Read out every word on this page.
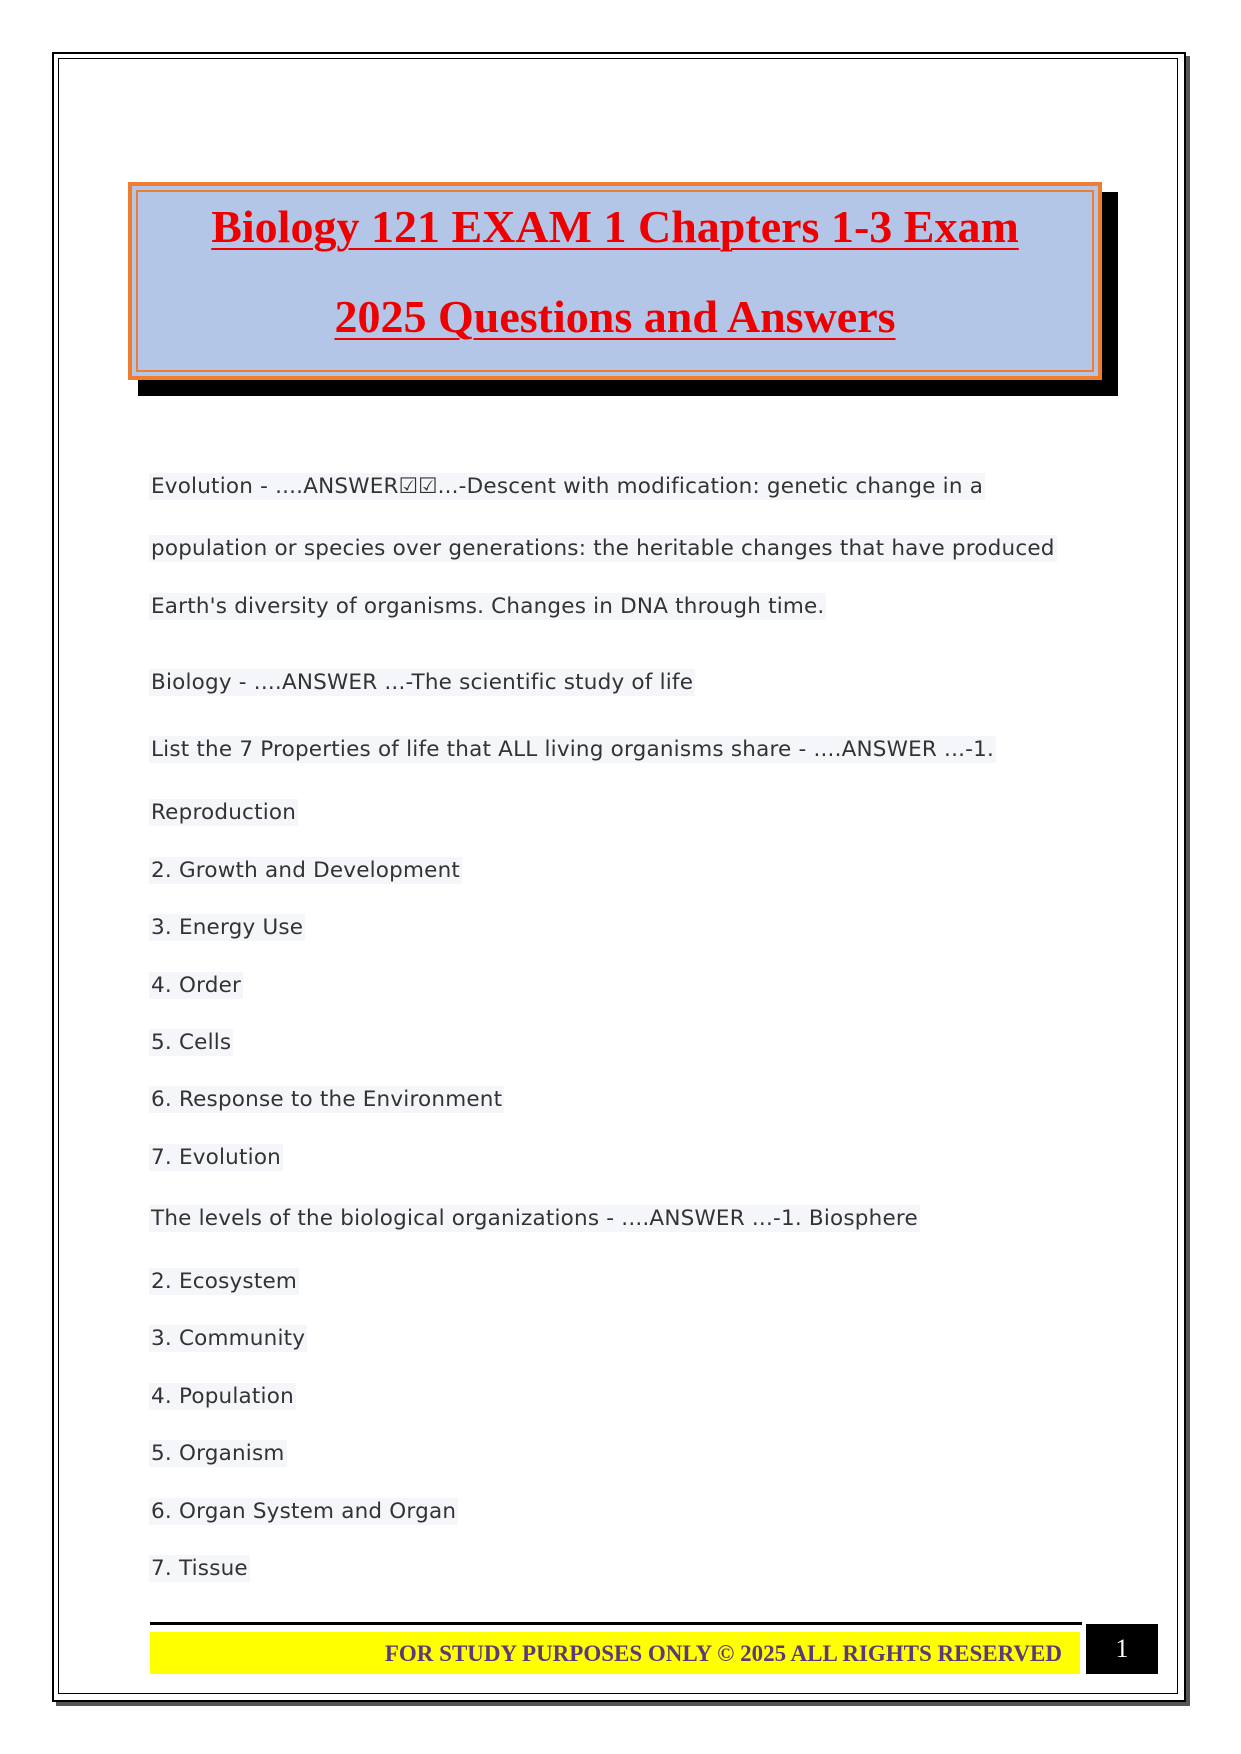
Biology 121 EXAM 1 Chapters 1-3 Exam
2025 Questions and Answers
Evolution - ....ANSWER☑☑...-Descent with modification: genetic change in a
population or species over generations: the heritable changes that have produced
Earth's diversity of organisms. Changes in DNA through time.
Biology - ....ANSWER ...-The scientific study of life
List the 7 Properties of life that ALL living organisms share - ....ANSWER ...-1.
Reproduction
2. Growth and Development
3. Energy Use
4. Order
5. Cells
6. Response to the Environment
7. Evolution
The levels of the biological organizations - ....ANSWER ...-1. Biosphere
2. Ecosystem
3. Community
4. Population
5. Organism
6. Organ System and Organ
7. Tissue
FOR STUDY PURPOSES ONLY © 2025 ALL RIGHTS RESERVED	1
